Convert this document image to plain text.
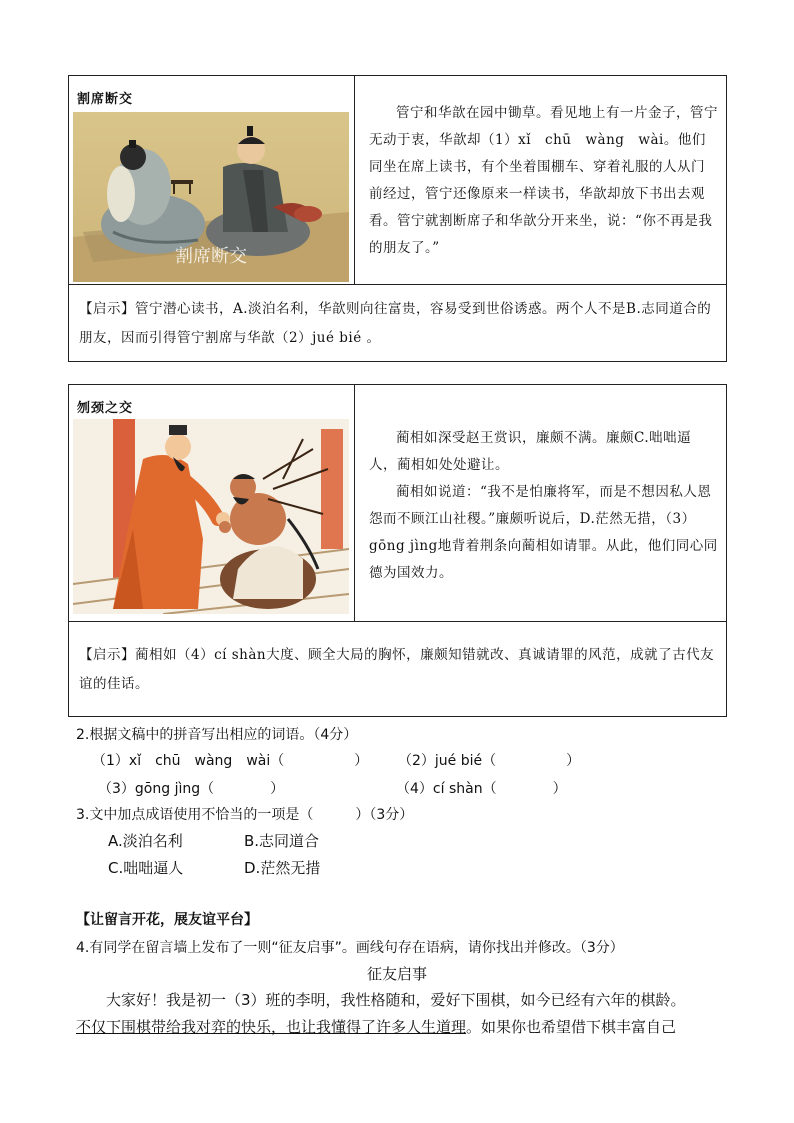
割席断交
割席断交

管宁和华歆在园中锄草。看见地上有一片金子，管宁无动于衷，华歆却（1）xǐ　chū　wàng　wài。他们同坐在席上读书，有个坐着围棚车、穿着礼服的人从门前经过，管宁还像原来一样读书，华歆却放下书出去观看。管宁就割断席子和华歆分开来坐，说：“你不再是我的朋友了。”

【启示】管宁潜心读书，A.淡泊名利，华歆则向往富贵，容易受到世俗诱惑。两个人不是B.志同道合的朋友，因而引得管宁割席与华歆（2）jué bié 。
刎颈之交

蔺相如深受赵王赏识，廉颇不满。廉颇C.咄咄逼人，蔺相如处处避让。

蔺相如说道：“我不是怕廉将军，而是不想因私人恩怨而不顾江山社稷。”廉颇听说后，D.茫然无措，（3）gōng jìng地背着荆条向蔺相如请罪。从此，他们同心同德为国效力。

【启示】蔺相如（4）cí shàn大度、顾全大局的胸怀，廉颇知错就改、真诚请罪的风范，成就了古代友谊的佳话。
2.根据文稿中的拼音写出相应的词语。（4分）
（1）xǐ　chū　wàng　wài（　　　　　） （2）jué bié（　　　　　）
（3）gōng jìng（　　　　）	（4）cí shàn（　　　　）
3.文中加点成语使用不恰当的一项是（　　　）（3分）
A.淡泊名利	B.志同道合
C.咄咄逼人	D.茫然无措
【让留言开花，展友谊平台】
4.有同学在留言墙上发布了一则“征友启事”。画线句存在语病，请你找出并修改。（3分）
征友启事

大家好！我是初一（3）班的李明，我性格随和，爱好下围棋，如今已经有六年的棋龄。

不仅下围棋带给我对弈的快乐，也让我懂得了许多人生道理。如果你也希望借下棋丰富自己
